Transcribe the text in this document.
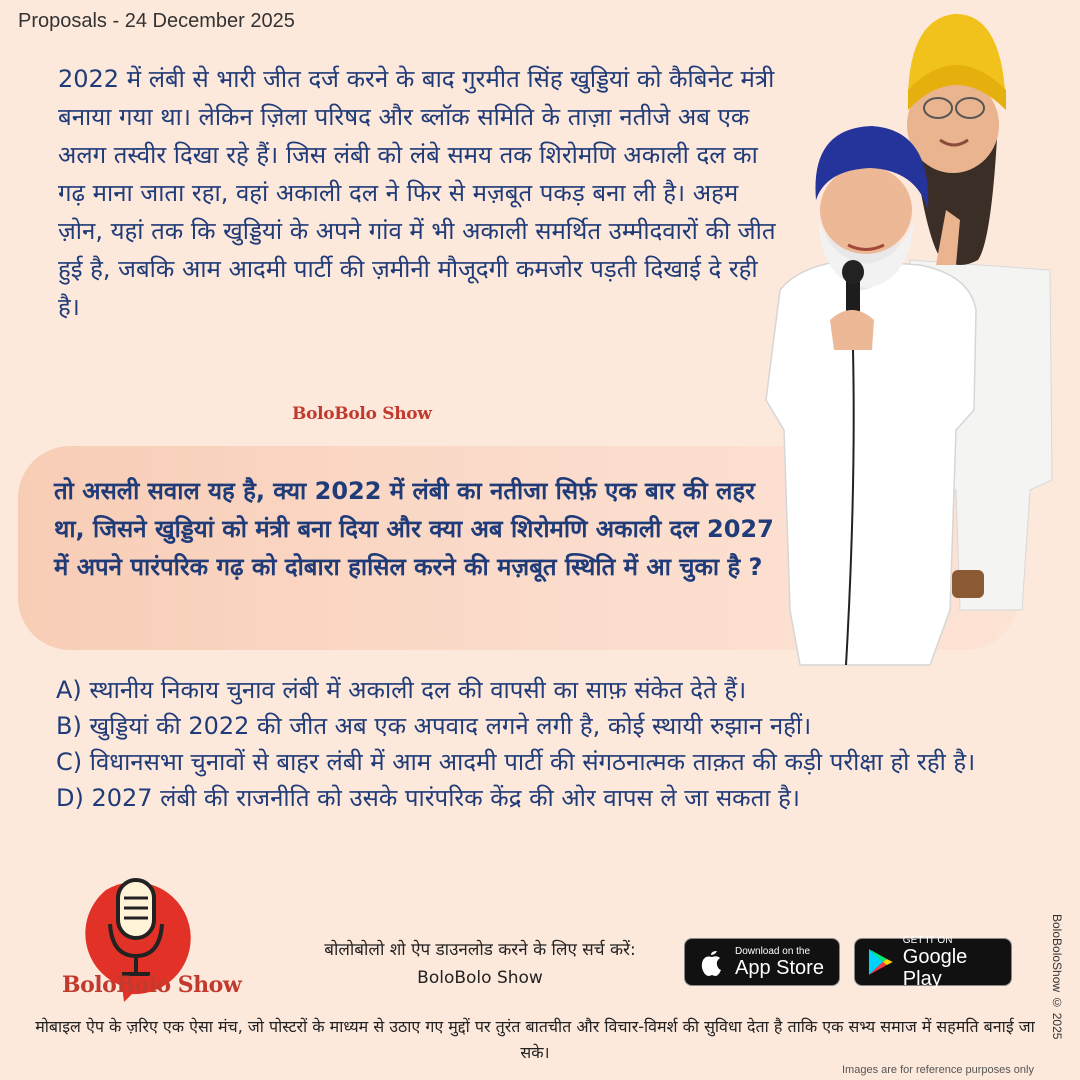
Proposals - 24 December 2025
2022 में लंबी से भारी जीत दर्ज करने के बाद गुरमीत सिंह खुड्डियां को कैबिनेट मंत्री बनाया गया था। लेकिन ज़िला परिषद और ब्लॉक समिति के ताज़ा नतीजे अब एक अलग तस्वीर दिखा रहे हैं। जिस लंबी को लंबे समय तक शिरोमणि अकाली दल का गढ़ माना जाता रहा, वहां अकाली दल ने फिर से मज़बूत पकड़ बना ली है। अहम ज़ोन, यहां तक कि खुड्डियां के अपने गांव में भी अकाली समर्थित उम्मीदवारों की जीत हुई है, जबकि आम आदमी पार्टी की ज़मीनी मौजूदगी कमजोर पड़ती दिखाई दे रही है।
BoloBolo Show
तो असली सवाल यह है, क्या 2022 में लंबी का नतीजा सिर्फ़ एक बार की लहर था, जिसने खुड्डियां को मंत्री बना दिया और क्या अब शिरोमणि अकाली दल 2027 में अपने पारंपरिक गढ़ को दोबारा हासिल करने की मज़बूत स्थिति में आ चुका है ?
A) स्थानीय निकाय चुनाव लंबी में अकाली दल की वापसी का साफ़ संकेत देते हैं।
B) खुड्डियां की 2022 की जीत अब एक अपवाद लगने लगी है, कोई स्थायी रुझान नहीं।
C) विधानसभा चुनावों से बाहर लंबी में आम आदमी पार्टी की संगठनात्मक ताक़त की कड़ी परीक्षा हो रही है।
D) 2027 लंबी की राजनीति को उसके पारंपरिक केंद्र की ओर वापस ले जा सकता है।
BoloBolo Show
बोलोबोलो शो ऐप डाउनलोड करने के लिए सर्च करें:
BoloBolo Show
Download on the
App Store
GET IT ON
Google Play
मोबाइल ऐप के ज़रिए एक ऐसा मंच, जो पोस्टरों के माध्यम से उठाए गए मुद्दों पर तुरंत बातचीत और विचार-विमर्श की सुविधा देता है ताकि एक सभ्य समाज में सहमति बनाई जा सके।
Images are for reference purposes only
BoloBoloShow © 2025
